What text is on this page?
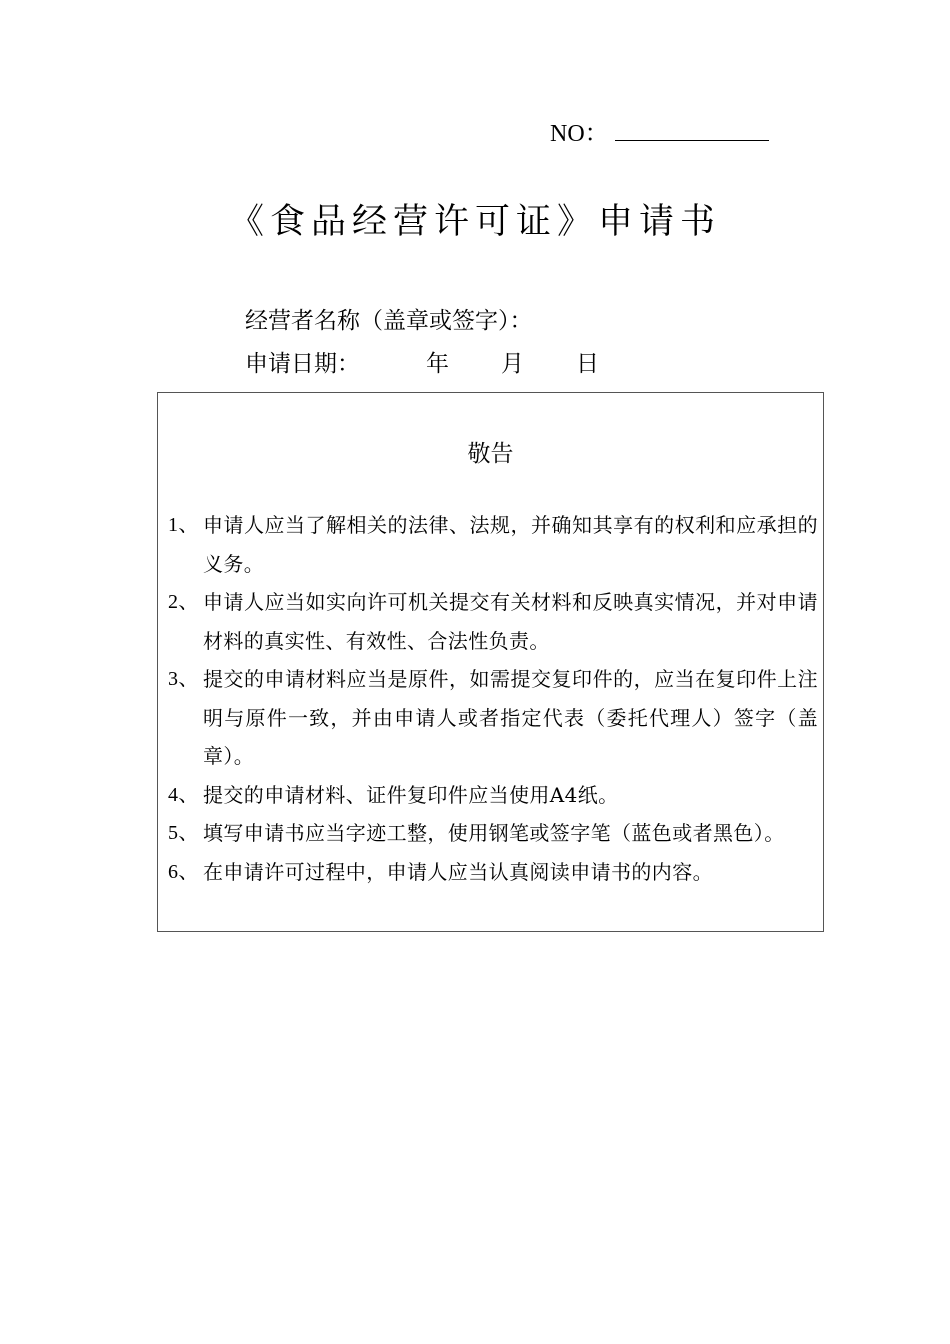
NO：
《食品经营许可证》申请书
经营者名称（盖章或签字）：
申请日期：	年 月 日
敬告
1、 申请人应当了解相关的法律、法规，并确知其享有的权利和应承担的义务。
2、 申请人应当如实向许可机关提交有关材料和反映真实情况，并对申请材料的真实性、有效性、合法性负责。
3、 提交的申请材料应当是原件，如需提交复印件的，应当在复印件上注明与原件一致，并由申请人或者指定代表（委托代理人）签字（盖章）。
4、 提交的申请材料、证件复印件应当使用A4纸。
5、 填写申请书应当字迹工整，使用钢笔或签字笔（蓝色或者黑色）。
6、 在申请许可过程中，申请人应当认真阅读申请书的内容。
